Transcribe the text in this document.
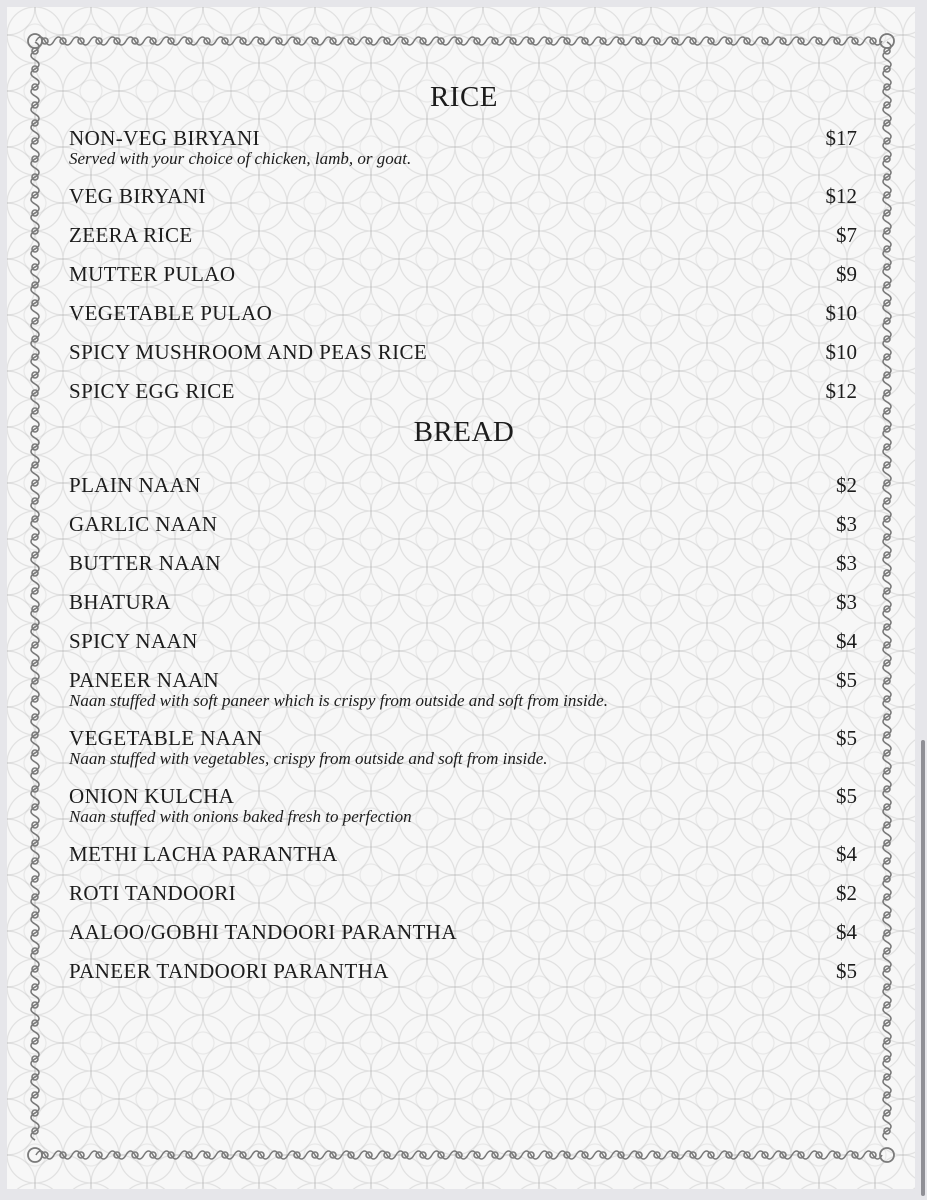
RICE
NON-VEG BIRYANI	$17
Served with your choice of chicken, lamb, or goat.
VEG BIRYANI	$12
ZEERA RICE	$7
MUTTER PULAO	$9
VEGETABLE PULAO	$10
SPICY MUSHROOM AND PEAS RICE	$10
SPICY EGG RICE	$12
BREAD
PLAIN NAAN	$2
GARLIC NAAN	$3
BUTTER NAAN	$3
BHATURA	$3
SPICY NAAN	$4
PANEER NAAN	$5
Naan stuffed with soft paneer which is crispy from outside and soft from inside.
VEGETABLE NAAN	$5
Naan stuffed with vegetables, crispy from outside and soft from inside.
ONION KULCHA	$5
Naan stuffed with onions baked fresh to perfection
METHI LACHA PARANTHA	$4
ROTI TANDOORI	$2
AALOO/GOBHI TANDOORI PARANTHA	$4
PANEER TANDOORI PARANTHA	$5
